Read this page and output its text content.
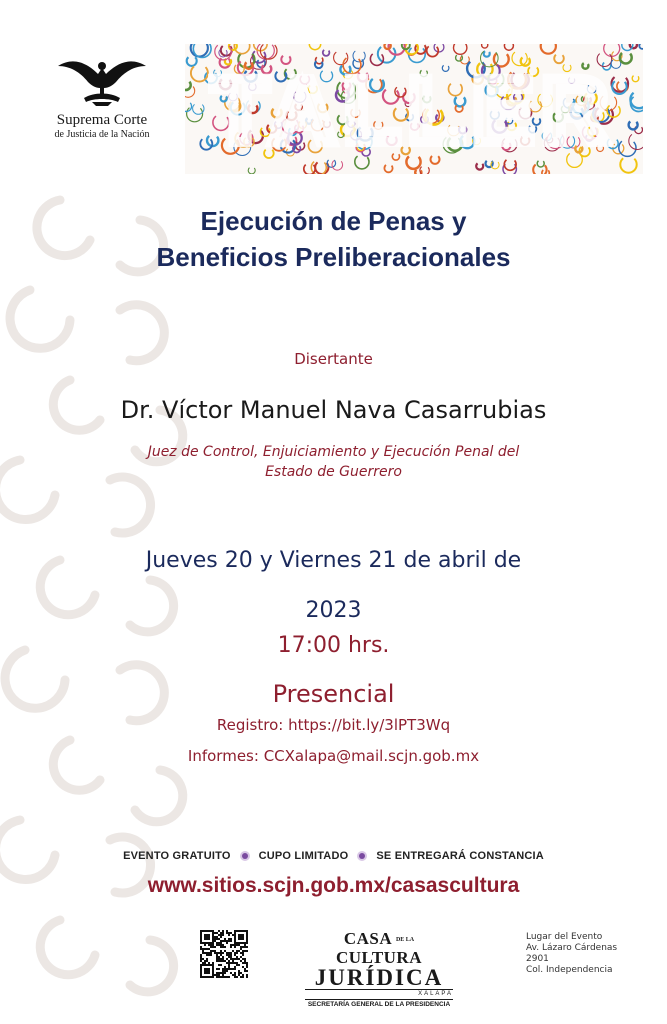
Suprema Corte
de Justicia de la Nación TALLER
Ejecución de Penas y
Beneficios Preliberacionales
Disertante
Dr. Víctor Manuel Nava Casarrubias
Juez de Control, Enjuiciamiento y Ejecución Penal del
Estado de Guerrero
Jueves 20 y Viernes 21 de abril de
2023
17:00 hrs.
Presencial
Registro: https://bit.ly/3lPT3Wq
Informes: CCXalapa@mail.scjn.gob.mx
EVENTO GRATUITO	CUPO LIMITADO	SE ENTREGARÁ CONSTANCIA
www.sitios.scjn.gob.mx/casascultura
CASA DE LA CULTURA
JURÍDICA
XALAPA
SECRETARÍA GENERAL DE LA PRESIDENCIA
Lugar del Evento
Av. Lázaro Cárdenas
2901
Col. Independencia
